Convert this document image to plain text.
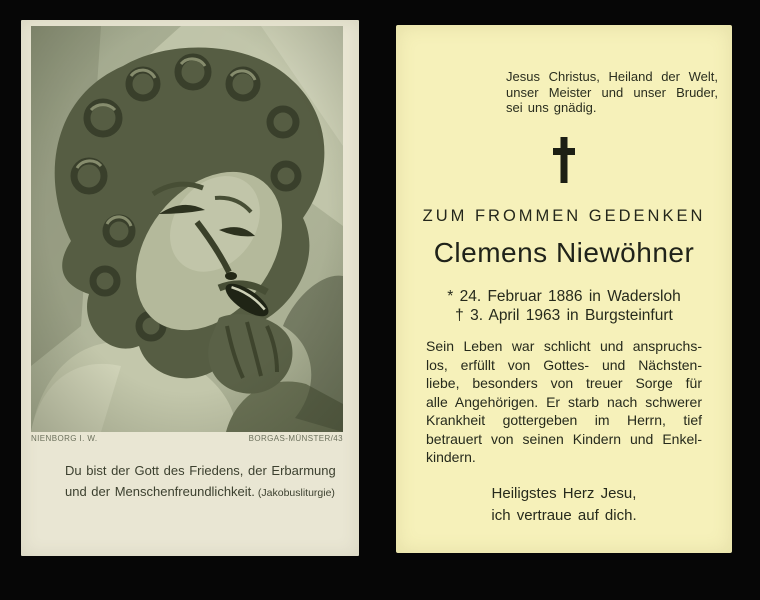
NIENBORG I. W.	BORGAS-MÜNSTER/43
Du bist der Gott des Friedens, der Erbarmung
und der Menschenfreundlichkeit. (Jakobusliturgie)
Jesus Christus, Heiland der Welt,
unser Meister und unser Bruder,
sei uns gnädig.
ZUM FROMMEN GEDENKEN
Clemens Niewöhner
* 24. Februar 1886 in Wadersloh
† 3. April 1963 in Burgsteinfurt
Sein Leben war schlicht und anspruchs-
los, erfüllt von Gottes- und Nächsten-
liebe, besonders von treuer Sorge für
alle Angehörigen. Er starb nach schwerer
Krankheit gottergeben im Herrn, tief
betrauert von seinen Kindern und Enkel-
kindern.
Heiligstes Herz Jesu,
ich vertraue auf dich.
